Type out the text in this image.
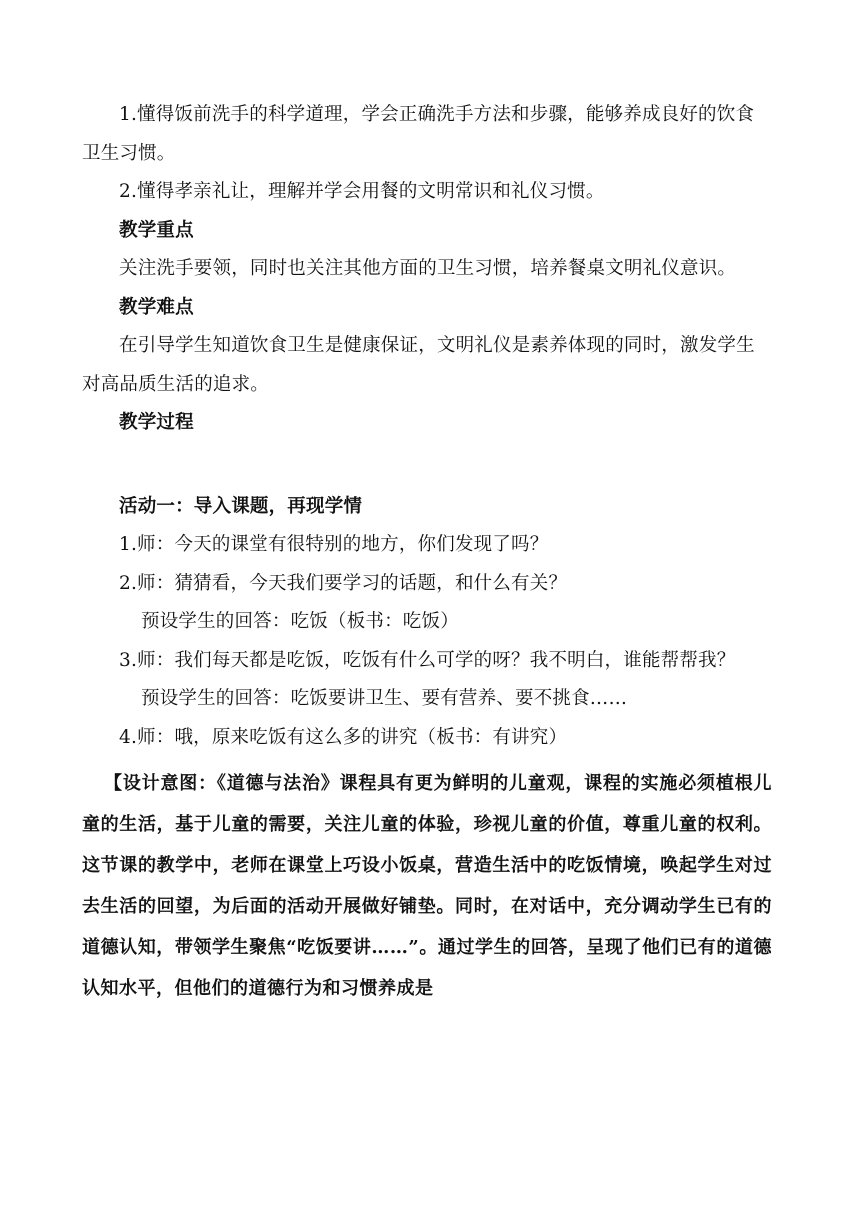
1.懂得饭前洗手的科学道理，学会正确洗手方法和步骤，能够养成良好的饮食卫生习惯。

2.懂得孝亲礼让，理解并学会用餐的文明常识和礼仪习惯。

教学重点

关注洗手要领，同时也关注其他方面的卫生习惯，培养餐桌文明礼仪意识。

教学难点

在引导学生知道饮食卫生是健康保证，文明礼仪是素养体现的同时，激发学生对高品质生活的追求。

教学过程

活动一：导入课题，再现学情

1.师：今天的课堂有很特别的地方，你们发现了吗？

2.师：猜猜看，今天我们要学习的话题，和什么有关？

预设学生的回答：吃饭（板书：吃饭）

3.师：我们每天都是吃饭，吃饭有什么可学的呀？我不明白，谁能帮帮我？

预设学生的回答：吃饭要讲卫生、要有营养、要不挑食……

4.师：哦，原来吃饭有这么多的讲究（板书：有讲究）

【设计意图：《道德与法治》课程具有更为鲜明的儿童观，课程的实施必须植根儿童的生活，基于儿童的需要，关注儿童的体验，珍视儿童的价值，尊重儿童的权利。这节课的教学中，老师在课堂上巧设小饭桌，营造生活中的吃饭情境，唤起学生对过去生活的回望，为后面的活动开展做好铺垫。同时，在对话中，充分调动学生已有的道德认知，带领学生聚焦“吃饭要讲……”。通过学生的回答，呈现了他们已有的道德认知水平，但他们的道德行为和习惯养成是
